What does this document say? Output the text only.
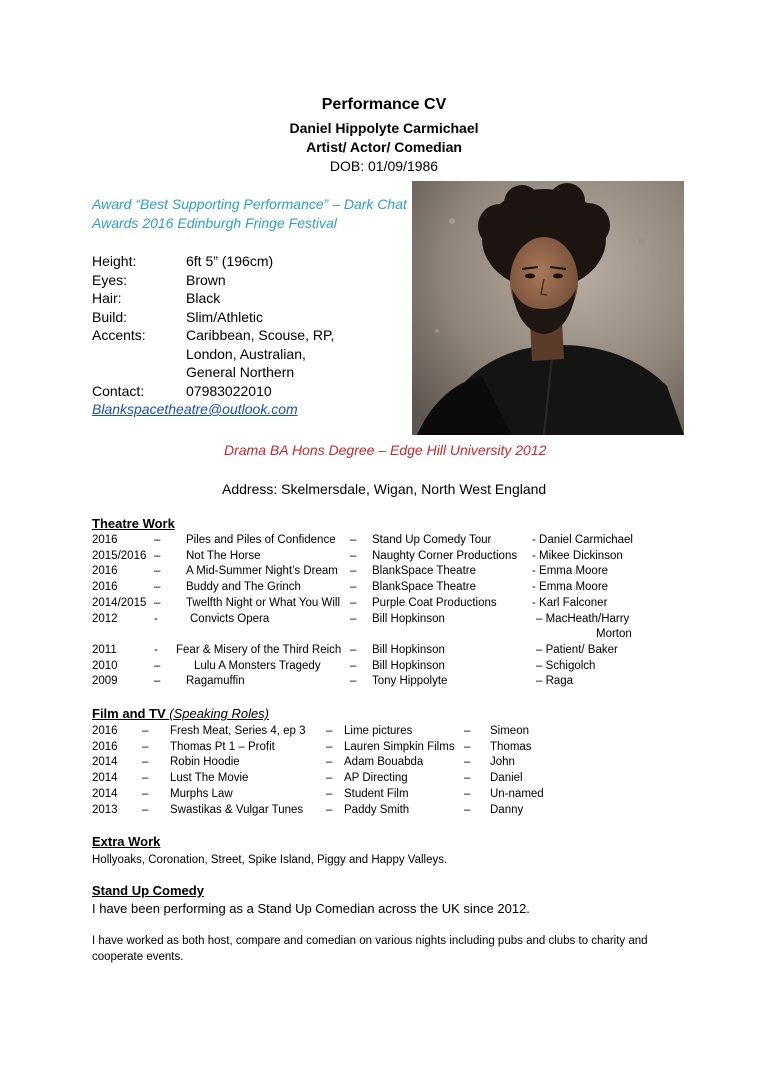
Performance CV
Daniel Hippolyte Carmichael
Artist/ Actor/ Comedian
DOB: 01/09/1986
Award “Best Supporting Performance” – Dark Chat
Awards 2016 Edinburgh Fringe Festival
Height:	6ft 5” (196cm)
Eyes:	Brown
Hair:	Black
Build:	Slim/Athletic
Accents:	Caribbean, Scouse, RP,
London, Australian,
General Northern
Contact:	07983022010
Blankspacetheatre@outlook.com
Drama BA Hons Degree – Edge Hill University 2012
Address: Skelmersdale, Wigan, North West England
Theatre Work
2016	– Piles and Piles of Confidence – Stand Up Comedy Tour	- Daniel Carmichael
2015/2016 – Not The Horse	– Naughty Corner Productions - Mikee Dickinson
2016	– A Mid-Summer Night’s Dream – BlankSpace Theatre	- Emma Moore
2016	– Buddy and The Grinch	– BlankSpace Theatre	- Emma Moore
2014/2015 – Twelfth Night or What You Will – Purple Coat Productions	- Karl Falconer
2012	-	Convicts Opera	– Bill Hopkinson	– MacHeath/Harry
Morton
2011	- Fear & Misery of the Third Reich – Bill Hopkinson	– Patient/ Baker
2010	–	Lulu A Monsters Tragedy	– Bill Hopkinson	– Schigolch
2009	– Ragamuffin	– Tony Hippolyte	– Raga
Film and TV (Speaking Roles)
2016 – Fresh Meat, Series 4, ep 3 – Lime pictures	– Simeon
2016 – Thomas Pt 1 – Profit	– Lauren Simpkin Films – Thomas
2014 – Robin Hoodie	– Adam Bouabda	– John
2014 – Lust The Movie	– AP Directing	– Daniel
2014 – Murphs Law	– Student Film	– Un-named
2013 – Swastikas & Vulgar Tunes – Paddy Smith	– Danny
Extra Work
Hollyoaks, Coronation, Street, Spike Island, Piggy and Happy Valleys.
Stand Up Comedy
I have been performing as a Stand Up Comedian across the UK since 2012.
I have worked as both host, compare and comedian on various nights including pubs and clubs to charity and
cooperate events.
